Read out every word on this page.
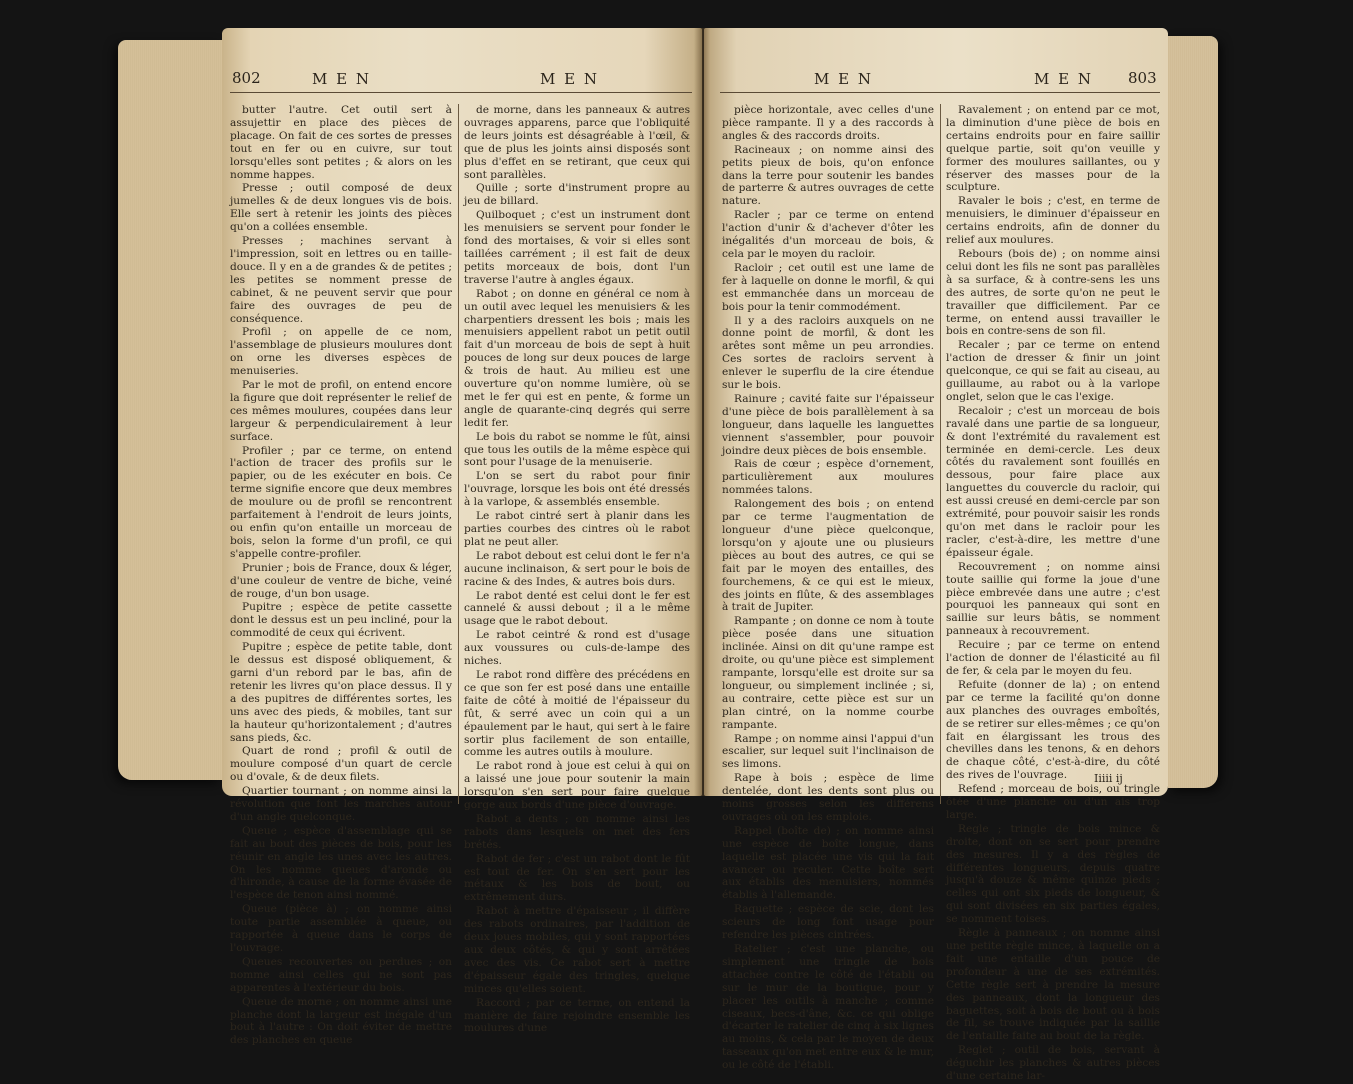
802	M E N	M E N

butter l'autre. Cet outil sert à assujettir en place des pièces de placage. On fait de ces sortes de presses tout en fer ou en cuivre, sur tout lorsqu'elles sont petites ; & alors on les nomme happes.

Presse ; outil composé de deux jumelles & de deux longues vis de bois. Elle sert à retenir les joints des pièces qu'on a collées ensemble.

Presses ; machines servant à l'impression, soit en lettres ou en taille-douce. Il y en a de grandes & de petites ; les petites se nomment presse de cabinet, & ne peuvent servir que pour faire des ouvrages de peu de conséquence.

Profil ; on appelle de ce nom, l'assemblage de plusieurs moulures dont on orne les diverses espèces de menuiseries.

Par le mot de profil, on entend encore la figure que doit représenter le relief de ces mêmes moulures, coupées dans leur largeur & perpendiculairement à leur surface.

Profiler ; par ce terme, on entend l'action de tracer des profils sur le papier, ou de les exécuter en bois. Ce terme signifie encore que deux membres de moulure ou de profil se rencontrent parfaitement à l'endroit de leurs joints, ou enfin qu'on entaille un morceau de bois, selon la forme d'un profil, ce qui s'appelle contre-profiler.

Prunier ; bois de France, doux & léger, d'une couleur de ventre de biche, veiné de rouge, d'un bon usage.

Pupitre ; espèce de petite cassette dont le dessus est un peu incliné, pour la commodité de ceux qui écrivent.

Pupitre ; espèce de petite table, dont le dessus est disposé obliquement, & garni d'un rebord par le bas, afin de retenir les livres qu'on place dessus. Il y a des pupitres de différentes sortes, les uns avec des pieds, & mobiles, tant sur la hauteur qu'horizontalement ; d'autres sans pieds, &c.

Quart de rond ; profil & outil de moulure composé d'un quart de cercle ou d'ovale, & de deux filets.

Quartier tournant ; on nomme ainsi la révolution que font les marches autour d'un angle quelconque.

Queue ; espèce d'assemblage qui se fait au bout des pièces de bois, pour les réunir en angle les unes avec les autres. On les nomme queues d'aronde ou d'hironde, à cause de la forme évasée de l'espèce de tenon ainsi nommé.

Queue (pièce à) ; on nomme ainsi toute partie assemblée à queue, ou rapportée à queue dans le corps de l'ouvrage.

Queues recouvertes ou perdues ; on nomme ainsi celles qui ne sont pas apparentes à l'extérieur du bois.

Queue de morne ; on nomme ainsi une planche dont la largeur est inégale d'un bout à l'autre : On doit éviter de mettre des planches en queue

de morne, dans les panneaux & autres ouvrages apparens, parce que l'obliquité de leurs joints est désagréable à l'œil, & que de plus les joints ainsi disposés sont plus d'effet en se retirant, que ceux qui sont parallèles.

Quille ; sorte d'instrument propre au jeu de billard.

Quilboquet ; c'est un instrument dont les menuisiers se servent pour fonder le fond des mortaises, & voir si elles sont taillées carrément ; il est fait de deux petits morceaux de bois, dont l'un traverse l'autre à angles égaux.

Rabot ; on donne en général ce nom à un outil avec lequel les menuisiers & les charpentiers dressent les bois ; mais les menuisiers appellent rabot un petit outil fait d'un morceau de bois de sept à huit pouces de long sur deux pouces de large & trois de haut. Au milieu est une ouverture qu'on nomme lumière, où se met le fer qui est en pente, & forme un angle de quarante-cinq degrés qui serre ledit fer.

Le bois du rabot se nomme le fût, ainsi que tous les outils de la même espèce qui sont pour l'usage de la menuiserie.

L'on se sert du rabot pour finir l'ouvrage, lorsque les bois ont été dressés à la varlope, & assemblés ensemble.

Le rabot cintré sert à planir dans les parties courbes des cintres où le rabot plat ne peut aller.

Le rabot debout est celui dont le fer n'a aucune inclinaison, & sert pour le bois de racine & des Indes, & autres bois durs.

Le rabot denté est celui dont le fer est cannelé & aussi debout ; il a le même usage que le rabot debout.

Le rabot ceintré & rond est d'usage aux voussures ou culs-de-lampe des niches.

Le rabot rond diffère des précédens en ce que son fer est posé dans une entaille faite de côté à moitié de l'épaisseur du fût, & serré avec un coin qui a un épaulement par le haut, qui sert à le faire sortir plus facilement de son entaille, comme les autres outils à moulure.

Le rabot rond à joue est celui à qui on a laissé une joue pour soutenir la main lorsqu'on s'en sert pour faire quelque gorge aux bords d'une pièce d'ouvrage.

Rabot a dents ; on nomme ainsi les rabots dans lesquels on met des fers brétés.

Rabot de fer ; c'est un rabot dont le fût est tout de fer. On s'en sert pour les métaux & les bois de bout, ou extrêmement durs.

Rabot à mettre d'épaisseur ; il diffère des rabots ordinaires, par l'addition de deux joues mobiles, qui y sont rapportées aux deux côtés, & qui y sont arrêtées avec des vis. Ce rabot sert à mettre d'épaisseur égale des tringles, quelque minces qu'elles soient.

Raccord ; par ce terme, on entend la manière de faire rejoindre ensemble les moulures d'une

M E N	M E N 803

pièce horizontale, avec celles d'une pièce rampante. Il y a des raccords à angles & des raccords droits.

Racineaux ; on nomme ainsi des petits pieux de bois, qu'on enfonce dans la terre pour soutenir les bandes de parterre & autres ouvrages de cette nature.

Racler ; par ce terme on entend l'action d'unir & d'achever d'ôter les inégalités d'un morceau de bois, & cela par le moyen du racloir.

Racloir ; cet outil est une lame de fer à laquelle on donne le morfil, & qui est emmanchée dans un morceau de bois pour la tenir commodément.

Il y a des racloirs auxquels on ne donne point de morfil, & dont les arêtes sont même un peu arrondies. Ces sortes de racloirs servent à enlever le superflu de la cire étendue sur le bois.

Rainure ; cavité faite sur l'épaisseur d'une pièce de bois parallèlement à sa longueur, dans laquelle les languettes viennent s'assembler, pour pouvoir joindre deux pièces de bois ensemble.

Rais de cœur ; espèce d'ornement, particulièrement aux moulures nommées talons.

Ralongement des bois ; on entend par ce terme l'augmentation de longueur d'une pièce quelconque, lorsqu'on y ajoute une ou plusieurs pièces au bout des autres, ce qui se fait par le moyen des entailles, des fourchemens, & ce qui est le mieux, des joints en flûte, & des assemblages à trait de Jupiter.

Rampante ; on donne ce nom à toute pièce posée dans une situation inclinée. Ainsi on dit qu'une rampe est droite, ou qu'une pièce est simplement rampante, lorsqu'elle est droite sur sa longueur, ou simplement inclinée ; si, au contraire, cette pièce est sur un plan cintré, on la nomme courbe rampante.

Rampe ; on nomme ainsi l'appui d'un escalier, sur lequel suit l'inclinaison de ses limons.

Rape à bois ; espèce de lime dentelée, dont les dents sont plus ou moins grosses selon les différens ouvrages où on les emploie.

Rappel (boîte de) ; on nomme ainsi une espèce de boîte longue, dans laquelle est placée une vis qui la fait avancer ou reculer. Cette boîte sert aux établis des menuisiers, nommés établis à l'allemande.

Raquette ; espèce de scie, dont les scieurs de long font usage pour refendre les pièces cintrées.

Ratelier ; c'est une planche, ou simplement une tringle de bois attachée contre le côté de l'établi ou sur le mur de la boutique, pour y placer les outils à manche ; comme ciseaux, becs-d'âne, &c. ce qui oblige d'écarter le ratelier de cinq à six lignes au moins, & cela par le moyen de deux tasseaux qu'on met entre eux & le mur, ou le côté de l'établi.

Ravalement ; on entend par ce mot, la diminution d'une pièce de bois en certains endroits pour en faire saillir quelque partie, soit qu'on veuille y former des moulures saillantes, ou y réserver des masses pour de la sculpture.

Ravaler le bois ; c'est, en terme de menuisiers, le diminuer d'épaisseur en certains endroits, afin de donner du relief aux moulures.

Rebours (bois de) ; on nomme ainsi celui dont les fils ne sont pas parallèles à sa surface, & à contre-sens les uns des autres, de sorte qu'on ne peut le travailler que difficilement. Par ce terme, on entend aussi travailler le bois en contre-sens de son fil.

Recaler ; par ce terme on entend l'action de dresser & finir un joint quelconque, ce qui se fait au ciseau, au guillaume, au rabot ou à la varlope onglet, selon que le cas l'exige.

Recaloir ; c'est un morceau de bois ravalé dans une partie de sa longueur, & dont l'extrémité du ravalement est terminée en demi-cercle. Les deux côtés du ravalement sont fouillés en dessous, pour faire place aux languettes du couvercle du racloir, qui est aussi creusé en demi-cercle par son extrémité, pour pouvoir saisir les ronds qu'on met dans le racloir pour les racler, c'est-à-dire, les mettre d'une épaisseur égale.

Recouvrement ; on nomme ainsi toute saillie qui forme la joue d'une pièce embrevée dans une autre ; c'est pourquoi les panneaux qui sont en saillie sur leurs bâtis, se nomment panneaux à recouvrement.

Recuire ; par ce terme on entend l'action de donner de l'élasticité au fil de fer, & cela par le moyen du feu.

Refuite (donner de la) ; on entend par ce terme la facilité qu'on donne aux planches des ouvrages emboîtés, de se retirer sur elles-mêmes ; ce qu'on fait en élargissant les trous des chevilles dans les tenons, & en dehors de chaque côté, c'est-à-dire, du côté des rives de l'ouvrage.

Refend ; morceau de bois, ou tringle ôtée d'une planche ou d'un ais trop large.

Regle ; tringle de bois mince & droite, dont on se sert pour prendre des mesures. Il y a des règles de différentes longueurs, depuis quatre jusqu'à douze & même quinze pieds ; celles qui ont six pieds de longueur, & qui sont divisées en six parties égales, se nomment toises.

Règle à panneaux ; on nomme ainsi une petite règle mince, à laquelle on a fait une entaille d'un pouce de profondeur à une de ses extrémités. Cette règle sert à prendre la mesure des panneaux, dont la longueur des baguettes, soit à bois de bout ou à bois de fil, se trouve indiquée par la saillie de l'entaille faite au bout de la règle.

Reglet ; outil de bois, servant à déguchir les planches & autres pièces d'une certaine lar-

Iiiii ij
